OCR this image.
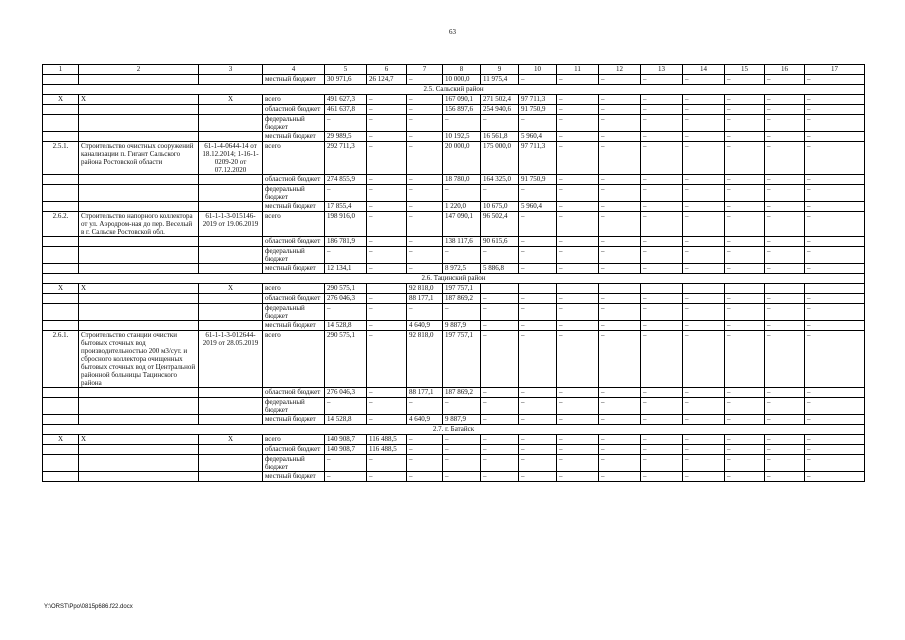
63
1	2	3	4	5	6	7	8	9	10	11	12	13	14	15	16	17
			местный бюджет	30 971,6	26 124,7	–	10 000,0	11 975,4	–	–	–	–	–	–	–	–
2.5. Сальский район																
Х	Х	Х	всего	491 627,3	–	–	167 090,1	271 502,4	97 711,3	–	–	–	–	–	–	–
			областной бюджет	461 637,8	–	–	156 897,6	254 940,6	91 750,9	–	–	–	–	–	–	–
			федеральный бюджет	–	–	–	–	–	–	–	–	–	–	–	–	–
			местный бюджет	29 989,5	–	–	10 192,5	16 561,8	5 960,4	–	–	–	–	–	–	–
2.5.1.	Строительство очистных сооружений канализации п. Гигант Сальского района Ростовской области	61-1-4-0644-14 от 18.12.2014; 1-16-1-0209-20 от 07.12.2020	всего	292 711,3	–	–	20 000,0	175 000,0	97 711,3	–	–	–	–	–	–	–
			областной бюджет	274 855,9	–	–	18 780,0	164 325,0	91 750,9	–	–	–	–	–	–	–
			федеральный бюджет	–	–	–	–	–	–	–	–	–	–	–	–	–
			местный бюджет	17 855,4	–	–	1 220,0	10 675,0	5 960,4	–	–	–	–	–	–	–
2.6.2.	Строительство напорного коллектора от ул. Аэродром-ная до пер. Веселый в г. Сальске Ростовской обл.	61-1-1-3-015146-2019 от 19.06.2019	всего	198 916,0	–	–	147 090,1	96 502,4	–	–	–	–	–	–	–	–
			областной бюджет	186 781,9	–	–	138 117,6	90 615,6	–	–	–	–	–	–	–	–
			федеральный бюджет	–	–	–	–	–	–	–	–	–	–	–	–	–
			местный бюджет	12 134,1	–	–	8 972,5	5 886,8	–	–	–	–	–	–	–	–
2.6. Тацинский район																
Х	Х	Х	всего	290 575,1		92 818,0	197 757,1									
			областной бюджет	276 046,3	–	88 177,1	187 869,2	–	–	–	–	–	–	–	–	–
			федеральный бюджет	–	–	–	–	–	–	–	–	–	–	–	–	–
			местный бюджет	14 528,8	–	4 640,9	9 887,9	–	–	–	–	–	–	–	–	–
2.6.1.	Строительство станции очистки бытовых сточных вод производительностью 200 м3/сут. и сбросного коллектора очищенных бытовых сточных вод от Центральной районной больницы Тацинского района	61-1-1-3-012644-2019 от 28.05.2019	всего	290 575,1	–	92 818,0	197 757,1	–	–	–	–	–	–	–	–	–
			областной бюджет	276 046,3	–	88 177,1	187 869,2	–	–	–	–	–	–	–	–	–
			федеральный бюджет	–	–	–	–	–	–	–	–	–	–	–	–	–
			местный бюджет	14 528,8	–	4 640,9	9 887,9	–	–	–	–	–	–	–	–	–
2.7. г. Батайск																
Х	Х	Х	всего	140 908,7	116 488,5	–	–	–	–	–	–	–	–	–	–	–
			областной бюджет	140 908,7	116 488,5	–	–	–	–	–	–	–	–	–	–	–
			федеральный бюджет	–	–	–	–	–	–	–	–	–	–	–	–	–
			местный бюджет	–	–	–	–	–	–	–	–	–	–	–	–	–
Y:\ORST\Ppo\0815p686.f22.docx
